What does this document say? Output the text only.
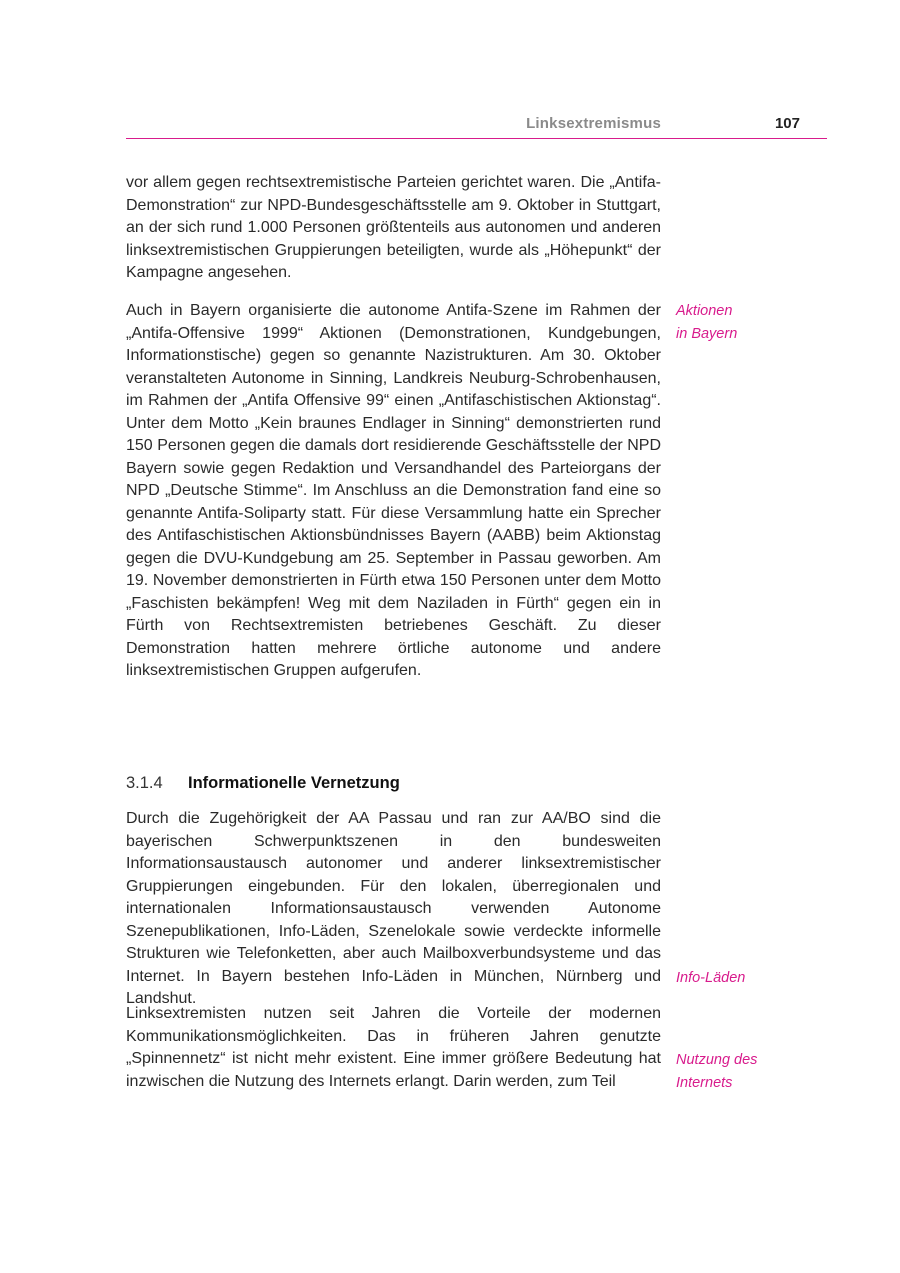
Linksextremismus	107

vor allem gegen rechtsextremistische Parteien gerichtet waren. Die „Antifa-Demonstration“ zur NPD-Bundesgeschäftsstelle am 9. Oktober in Stuttgart, an der sich rund 1.000 Personen größtenteils aus autonomen und anderen linksextremistischen Gruppierungen beteiligten, wurde als „Höhepunkt“ der Kampagne angesehen.

Auch in Bayern organisierte die autonome Antifa-Szene im Rahmen der „Antifa-Offensive 1999“ Aktionen (Demonstrationen, Kundgebungen, Informationstische) gegen so genannte Nazistrukturen. Am 30. Oktober veranstalteten Autonome in Sinning, Landkreis Neuburg-Schrobenhausen, im Rahmen der „Antifa Offensive 99“ einen „Antifaschistischen Aktionstag“. Unter dem Motto „Kein braunes Endlager in Sinning“ demonstrierten rund 150 Personen gegen die damals dort residierende Geschäftsstelle der NPD Bayern sowie gegen Redaktion und Versandhandel des Parteiorgans der NPD „Deutsche Stimme“. Im Anschluss an die Demonstration fand eine so genannte Antifa-Soliparty statt. Für diese Versammlung hatte ein Sprecher des Antifaschistischen Aktionsbündnisses Bayern (AABB) beim Aktionstag gegen die DVU-Kundgebung am 25. September in Passau geworben. Am 19. November demonstrierten in Fürth etwa 150 Personen unter dem Motto „Faschisten bekämpfen! Weg mit dem Naziladen in Fürth“ gegen ein in Fürth von Rechtsextremisten betriebenes Geschäft. Zu dieser Demonstration hatten mehrere örtliche autonome und andere linksextremistischen Gruppen aufgerufen.

3.1.4 Informationelle Vernetzung

Durch die Zugehörigkeit der AA Passau und ran zur AA/BO sind die bayerischen Schwerpunktszenen in den bundesweiten Informationsaustausch autonomer und anderer linksextremistischer Gruppierungen eingebunden. Für den lokalen, überregionalen und internationalen Informationsaustausch verwenden Autonome Szenepublikationen, Info-Läden, Szenelokale sowie verdeckte informelle Strukturen wie Telefonketten, aber auch Mailboxverbundsysteme und das Internet. In Bayern bestehen Info-Läden in München, Nürnberg und Landshut.

Linksextremisten nutzen seit Jahren die Vorteile der modernen Kommunikationsmöglichkeiten. Das in früheren Jahren genutzte „Spinnennetz“ ist nicht mehr existent. Eine immer größere Bedeutung hat inzwischen die Nutzung des Internets erlangt. Darin werden, zum Teil

Aktionen
in Bayern

Info-Läden

Nutzung des
Internets
